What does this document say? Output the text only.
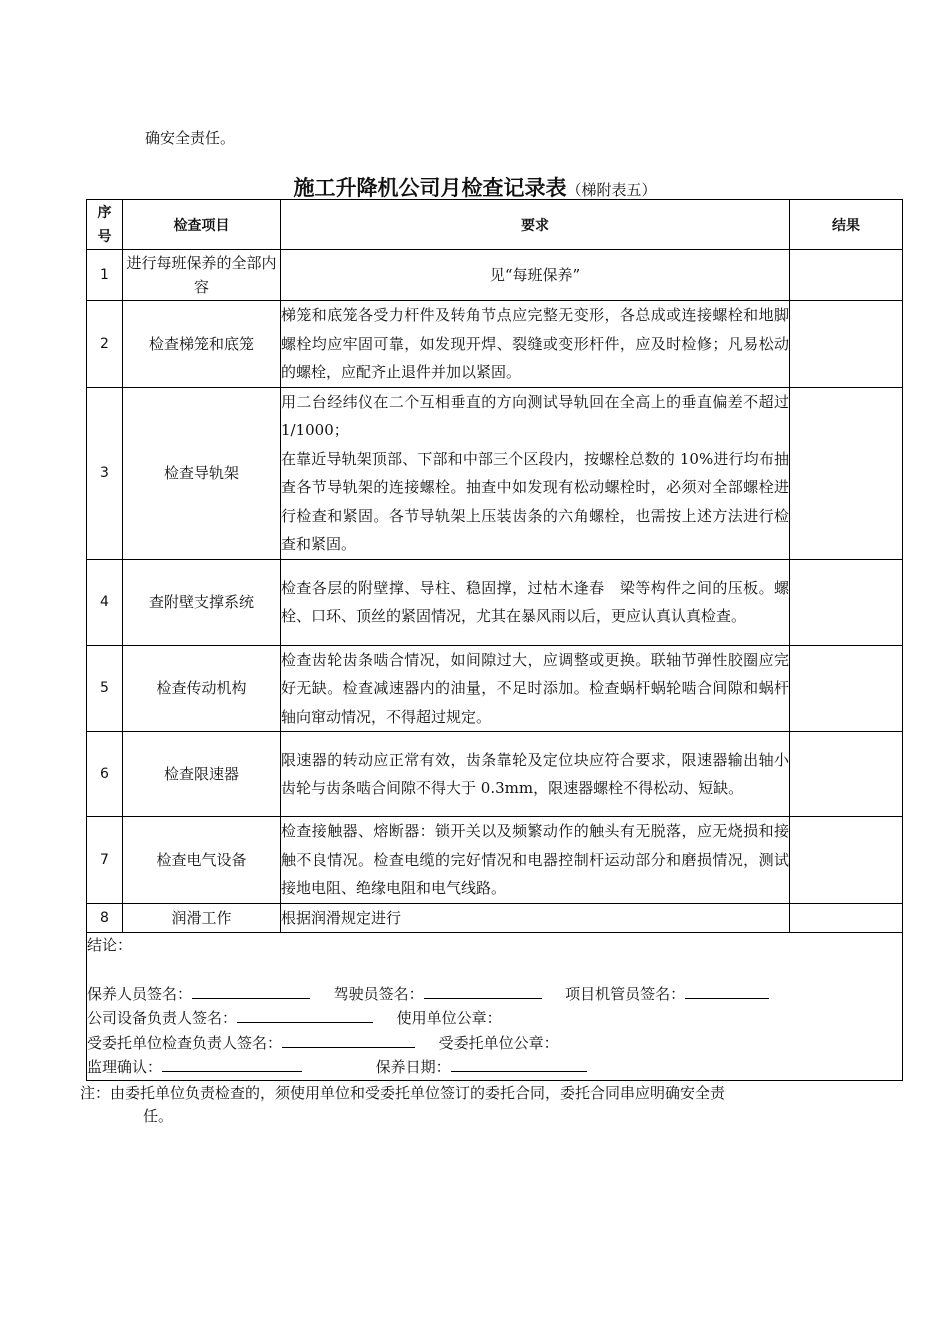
确安全责任。
施工升降机公司月检查记录表（梯附表五）
序号	检查项目	要求	结果
1	进行每班保养的全部内容	见“每班保养”	

2	检查梯笼和底笼	梯笼和底笼各受力杆件及转角节点应完整无变形，各总成或连接螺栓和地脚螺栓均应牢固可靠，如发现开焊、裂缝或变形杆件，应及时检修；凡易松动的螺栓，应配齐止退件并加以紧固。	

3	检查导轨架	用二台经纬仪在二个互相垂直的方向测试导轨回在全高上的垂直偏差不超过 1/1000；
在靠近导轨架顶部、下部和中部三个区段内，按螺栓总数的 10%进行均布抽查各节导轨架的连接螺栓。抽查中如发现有松动螺栓时，必须对全部螺栓进行检查和紧固。各节导轨架上压装齿条的六角螺栓，也需按上述方法进行检查和紧固。	

4	查附壁支撑系统	检查各层的附壁撑、导柱、稳固撑，过枯木逢春　梁等构件之间的压板。螺栓、口环、顶丝的紧固情况，尤其在暴风雨以后，更应认真认真检查。	

5	检查传动机构	检查齿轮齿条啮合情况，如间隙过大，应调整或更换。联轴节弹性胶圈应完好无缺。检查减速器内的油量，不足时添加。检查蜗杆蜗轮啮合间隙和蜗杆轴向窜动情况，不得超过规定。	

6	检查限速器	限速器的转动应正常有效，齿条靠轮及定位块应符合要求，限速器输出轴小齿轮与齿条啮合间隙不得大于 0.3mm，限速器螺栓不得松动、短缺。	

7	检查电气设备	检查接触器、熔断器：锁开关以及频繁动作的触头有无脱落，应无烧损和接触不良情况。检查电缆的完好情况和电器控制杆运动部分和磨损情况，测试接地电阻、绝缘电阻和电气线路。	

8	润滑工作	根据润滑规定进行	

结论：
保养人员签名： 驾驶员签名： 项目机管员签名：
公司设备负责人签名： 使用单位公章：
受委托单位检查负责人签名： 受委托单位公章：
监理确认： 保养日期：			
注：由委托单位负责检查的，须使用单位和受委托单位签订的委托合同，委托合同串应明确安全责
任。
